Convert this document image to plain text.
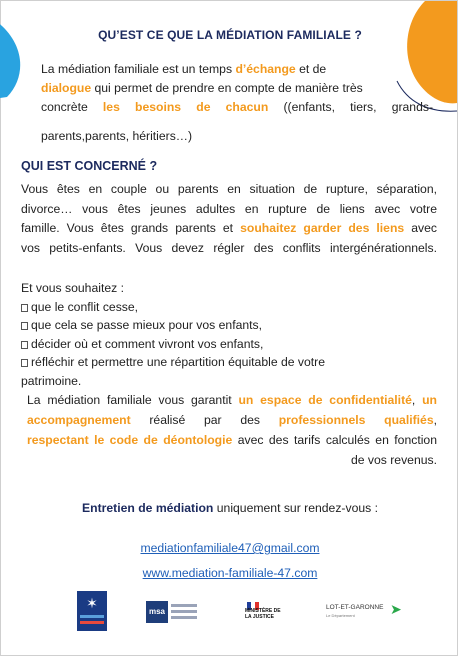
QU’EST CE QUE LA MÉDIATION FAMILIALE ?
La médiation familiale est un temps d’échange et de
dialogue qui permet de prendre en compte de manière très
concrète les besoins de chacun ((enfants, tiers, grands-
parents,parents, héritiers…)
QUI EST CONCERNÉ ?
Vous êtes en couple ou parents en situation de rupture, séparation,
divorce… vous êtes jeunes adultes en rupture de liens avec votre
famille. Vous êtes grands parents et souhaitez garder des liens avec
vos petits-enfants. Vous devez régler des conflits intergénérationnels.
Et vous souhaitez :
que le conflit cesse,
que cela se passe mieux pour vos enfants,
décider où et comment vivront vos enfants,
réfléchir et permettre une répartition équitable de votre
patrimoine.
La médiation familiale vous garantit un espace de confidentialité, un
accompagnement réalisé par des professionnels qualifiés,
respectant le code de déontologie avec des tarifs calculés en fonction
de vos revenus.
Entretien de médiation uniquement sur rendez-vous :
mediationfamiliale47@gmail.com
www.mediation-familiale-47.com
✶
msa	MINISTÈRE DE LA JUSTICE
LOT-ET-GARONNE
Le Département	➤
